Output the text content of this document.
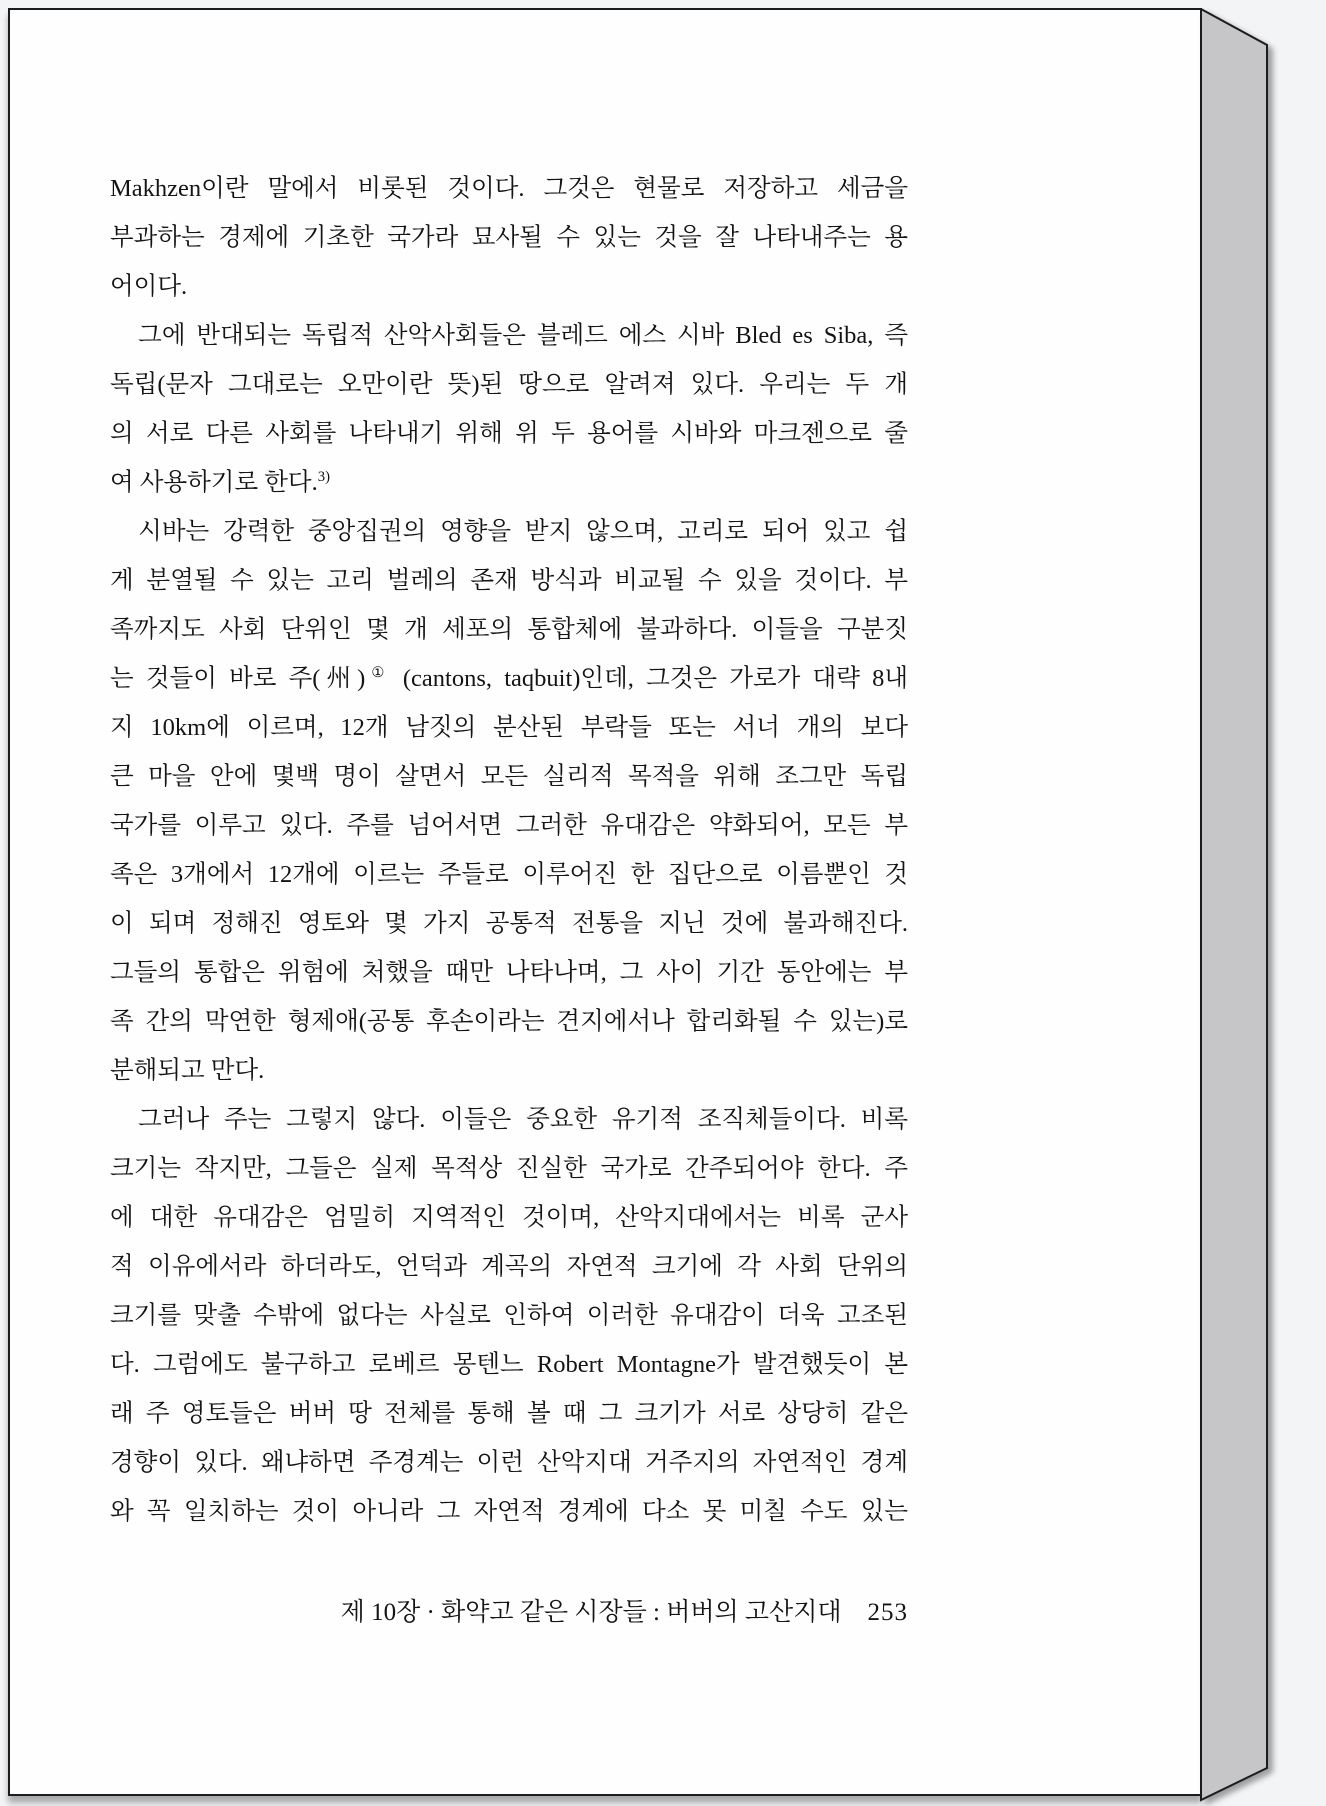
Makhzen이란 말에서 비롯된 것이다. 그것은 현물로 저장하고 세금을
부과하는 경제에 기초한 국가라 묘사될 수 있는 것을 잘 나타내주는 용
어이다.
그에 반대되는 독립적 산악사회들은 블레드 에스 시바 Bled es Siba, 즉
독립(문자 그대로는 오만이란 뜻)된 땅으로 알려져 있다. 우리는 두 개
의 서로 다른 사회를 나타내기 위해 위 두 용어를 시바와 마크젠으로 줄
여 사용하기로 한다.$^{3)}$
시바는 강력한 중앙집권의 영향을 받지 않으며, 고리로 되어 있고 쉽
게 분열될 수 있는 고리 벌레의 존재 방식과 비교될 수 있을 것이다. 부
족까지도 사회 단위인 몇 개 세포의 통합체에 불과하다. 이들을 구분짓
는 것들이 바로 주(州)① (cantons, taqbuit)인데, 그것은 가로가 대략 8내
지 10km에 이르며, 12개 남짓의 분산된 부락들 또는 서너 개의 보다
큰 마을 안에 몇백 명이 살면서 모든 실리적 목적을 위해 조그만 독립
국가를 이루고 있다. 주를 넘어서면 그러한 유대감은 약화되어, 모든 부
족은 3개에서 12개에 이르는 주들로 이루어진 한 집단으로 이름뿐인 것
이 되며 정해진 영토와 몇 가지 공통적 전통을 지닌 것에 불과해진다.
그들의 통합은 위험에 처했을 때만 나타나며, 그 사이 기간 동안에는 부
족 간의 막연한 형제애(공통 후손이라는 견지에서나 합리화될 수 있는)로
분해되고 만다.
그러나 주는 그렇지 않다. 이들은 중요한 유기적 조직체들이다. 비록
크기는 작지만, 그들은 실제 목적상 진실한 국가로 간주되어야 한다. 주
에 대한 유대감은 엄밀히 지역적인 것이며, 산악지대에서는 비록 군사
적 이유에서라 하더라도, 언덕과 계곡의 자연적 크기에 각 사회 단위의
크기를 맞출 수밖에 없다는 사실로 인하여 이러한 유대감이 더욱 고조된
다. 그럼에도 불구하고 로베르 몽텐느 Robert Montagne가 발견했듯이 본
래 주 영토들은 버버 땅 전체를 통해 볼 때 그 크기가 서로 상당히 같은
경향이 있다. 왜냐하면 주경계는 이런 산악지대 거주지의 자연적인 경계
와 꼭 일치하는 것이 아니라 그 자연적 경계에 다소 못 미칠 수도 있는
제 10장 · 화약고 같은 시장들 : 버버의 고산지대 253
